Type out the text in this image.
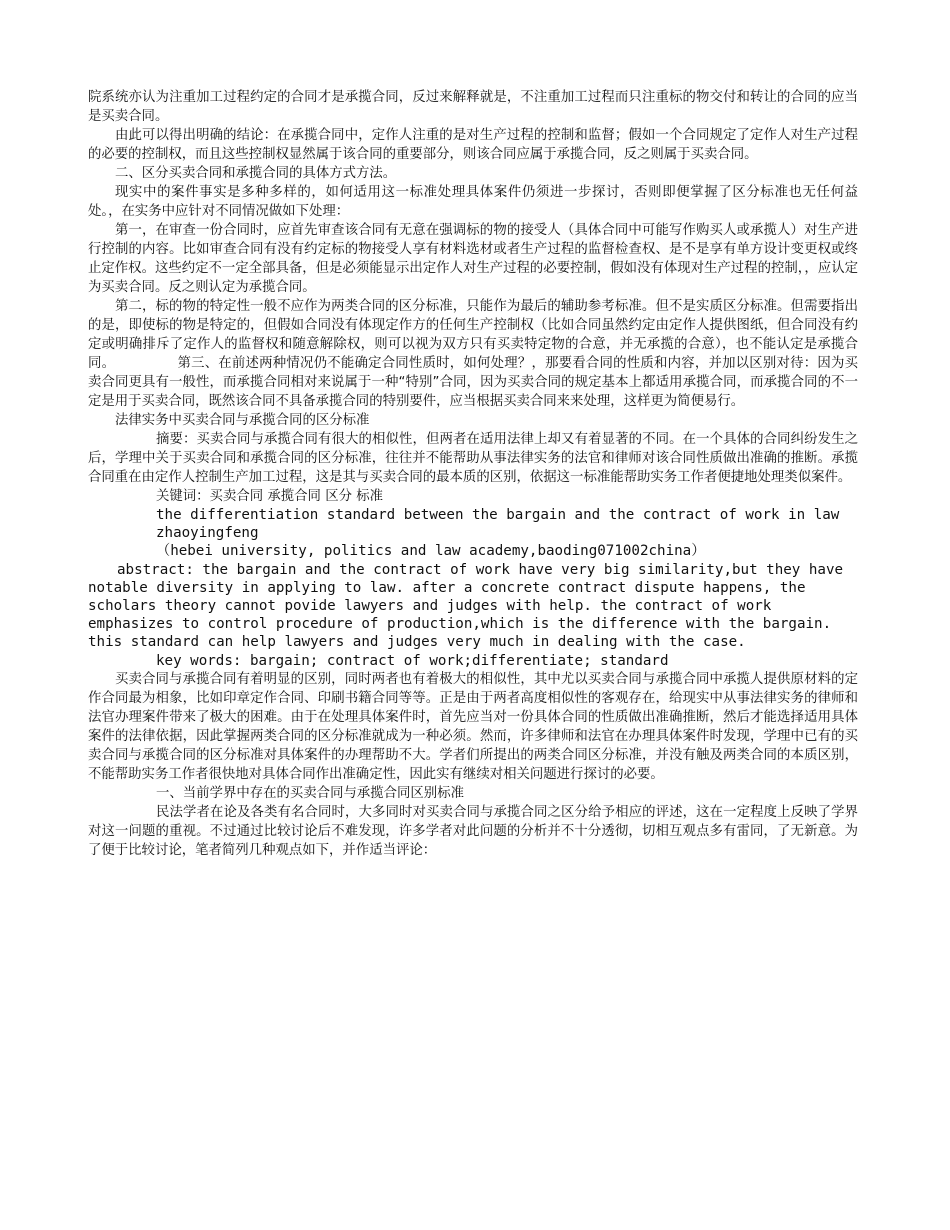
院系统亦认为注重加工过程约定的合同才是承揽合同，反过来解释就是，不注重加工过程而只注重标的物交付和转让的合同的应当是买卖合同。

由此可以得出明确的结论：在承揽合同中，定作人注重的是对生产过程的控制和监督；假如一个合同规定了定作人对生产过程的必要的控制权，而且这些控制权显然属于该合同的重要部分，则该合同应属于承揽合同，反之则属于买卖合同。

二、区分买卖合同和承揽合同的具体方式方法。

现实中的案件事实是多种多样的，如何适用这一标准处理具体案件仍须进一步探讨，否则即便掌握了区分标准也无任何益处。，在实务中应针对不同情况做如下处理：

第一，在审查一份合同时，应首先审查该合同有无意在强调标的物的接受人（具体合同中可能写作购买人或承揽人）对生产进行控制的内容。比如审查合同有没有约定标的物接受人享有材料选材或者生产过程的监督检查权、是不是享有单方设计变更权或终止定作权。这些约定不一定全部具备，但是必须能显示出定作人对生产过程的必要控制，假如没有体现对生产过程的控制，，应认定为买卖合同。反之则认定为承揽合同。

第二，标的物的特定性一般不应作为两类合同的区分标准，只能作为最后的辅助参考标准。但不是实质区分标准。但需要指出的是，即使标的物是特定的，但假如合同没有体现定作方的任何生产控制权（比如合同虽然约定由定作人提供图纸，但合同没有约定或明确排斥了定作人的监督权和随意解除权，则可以视为双方只有买卖特定物的合意，并无承揽的合意），也不能认定是承揽合同。	第三、在前述两种情况仍不能确定合同性质时，如何处理？，那要看合同的性质和内容，并加以区别对待：因为买卖合同更具有一般性，而承揽合同相对来说属于一种“特别”合同，因为买卖合同的规定基本上都适用承揽合同，而承揽合同的不一定是用于买卖合同，既然该合同不具备承揽合同的特别要件，应当根据买卖合同来来处理，这样更为简便易行。

法律实务中买卖合同与承揽合同的区分标准

摘要：买卖合同与承揽合同有很大的相似性，但两者在适用法律上却又有着显著的不同。在一个具体的合同纠纷发生之后，学理中关于买卖合同和承揽合同的区分标准，往往并不能帮助从事法律实务的法官和律师对该合同性质做出准确的推断。承揽合同重在由定作人控制生产加工过程，这是其与买卖合同的最本质的区别，依据这一标准能帮助实务工作者便捷地处理类似案件。

关键词：买卖合同 承揽合同 区分 标准

the differentiation standard between the bargain and the contract of work in law

zhaoyingfeng

（hebei university, politics and law academy,baoding071002china）

abstract: the bargain and the contract of work have very big similarity,but they have notable diversity in applying to law. after a concrete contract dispute happens, the scholars theory cannot povide lawyers and judges with help. the contract of work emphasizes to control procedure of production,which is the difference with the bargain. this standard can help lawyers and judges very much in dealing with the case.

key words: bargain; contract of work;differentiate; standard

买卖合同与承揽合同有着明显的区别，同时两者也有着极大的相似性，其中尤以买卖合同与承揽合同中承揽人提供原材料的定作合同最为相象，比如印章定作合同、印刷书籍合同等等。正是由于两者高度相似性的客观存在，给现实中从事法律实务的律师和法官办理案件带来了极大的困难。由于在处理具体案件时，首先应当对一份具体合同的性质做出准确推断，然后才能选择适用具体案件的法律依据，因此掌握两类合同的区分标准就成为一种必须。然而，许多律师和法官在办理具体案件时发现，学理中已有的买卖合同与承揽合同的区分标准对具体案件的办理帮助不大。学者们所提出的两类合同区分标准，并没有触及两类合同的本质区别，不能帮助实务工作者很快地对具体合同作出准确定性，因此实有继续对相关问题进行探讨的必要。

一、当前学界中存在的买卖合同与承揽合同区别标准

民法学者在论及各类有名合同时，大多同时对买卖合同与承揽合同之区分给予相应的评述，这在一定程度上反映了学界对这一问题的重视。不过通过比较讨论后不难发现，许多学者对此问题的分析并不十分透彻，切相互观点多有雷同，了无新意。为了便于比较讨论，笔者简列几种观点如下，并作适当评论：
